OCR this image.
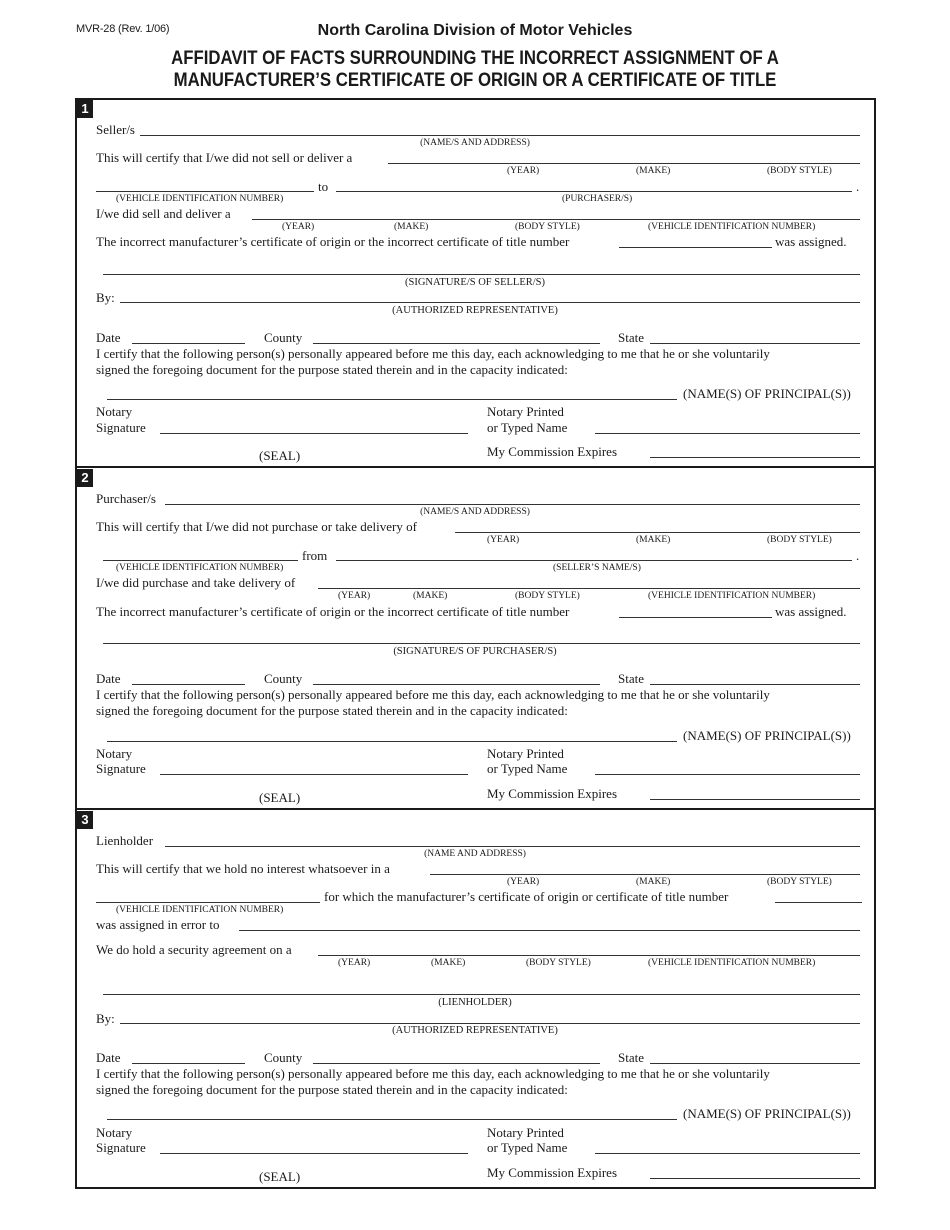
MVR-28 (Rev. 1/06)	North Carolina Division of Motor Vehicles
AFFIDAVIT OF FACTS SURROUNDING THE INCORRECT ASSIGNMENT OF A
MANUFACTURER’S CERTIFICATE OF ORIGIN OR A CERTIFICATE OF TITLE
1
Seller/s
(NAME/S AND ADDRESS)
This will certify that I/we did not sell or deliver a
(YEAR)	(MAKE)	(BODY STYLE)
to	.
(VEHICLE IDENTIFICATION NUMBER)	(PURCHASER/S)
I/we did sell and deliver a
(YEAR)	(MAKE)	(BODY STYLE)	(VEHICLE IDENTIFICATION NUMBER)
The incorrect manufacturer’s certificate of origin or the incorrect certificate of title number	was assigned.
(SIGNATURE/S OF SELLER/S)
By:
(AUTHORIZED REPRESENTATIVE)
Date	County	State
I certify that the following person(s) personally appeared before me this day, each acknowledging to me that he or she voluntarily
signed the foregoing document for the purpose stated therein and in the capacity indicated:
(NAME(S) OF PRINCIPAL(S))
Notary
Signature
Notary Printed
or Typed Name
(SEAL)	My Commission Expires
2
Purchaser/s
(NAME/S AND ADDRESS)
This will certify that I/we did not purchase or take delivery of
(YEAR)	(MAKE)	(BODY STYLE)
from	.
(VEHICLE IDENTIFICATION NUMBER)	(SELLER’S NAME/S)
I/we did purchase and take delivery of
(YEAR)	(MAKE)	(BODY STYLE)	(VEHICLE IDENTIFICATION NUMBER)
The incorrect manufacturer’s certificate of origin or the incorrect certificate of title number	was assigned.
(SIGNATURE/S OF PURCHASER/S)
Date	County	State
I certify that the following person(s) personally appeared before me this day, each acknowledging to me that he or she voluntarily
signed the foregoing document for the purpose stated therein and in the capacity indicated:
(NAME(S) OF PRINCIPAL(S))
Notary
Signature
Notary Printed
or Typed Name
(SEAL)	My Commission Expires
3
Lienholder
(NAME AND ADDRESS)
This will certify that we hold no interest whatsoever in a
(YEAR)	(MAKE)	(BODY STYLE)
for which the manufacturer’s certificate of origin or certificate of title number
(VEHICLE IDENTIFICATION NUMBER)
was assigned in error to
We do hold a security agreement on a
(YEAR)	(MAKE)	(BODY STYLE)	(VEHICLE IDENTIFICATION NUMBER)
(LIENHOLDER)
By:
(AUTHORIZED REPRESENTATIVE)
Date	County	State
I certify that the following person(s) personally appeared before me this day, each acknowledging to me that he or she voluntarily
signed the foregoing document for the purpose stated therein and in the capacity indicated:
(NAME(S) OF PRINCIPAL(S))
Notary
Signature
Notary Printed
or Typed Name
(SEAL)	My Commission Expires
